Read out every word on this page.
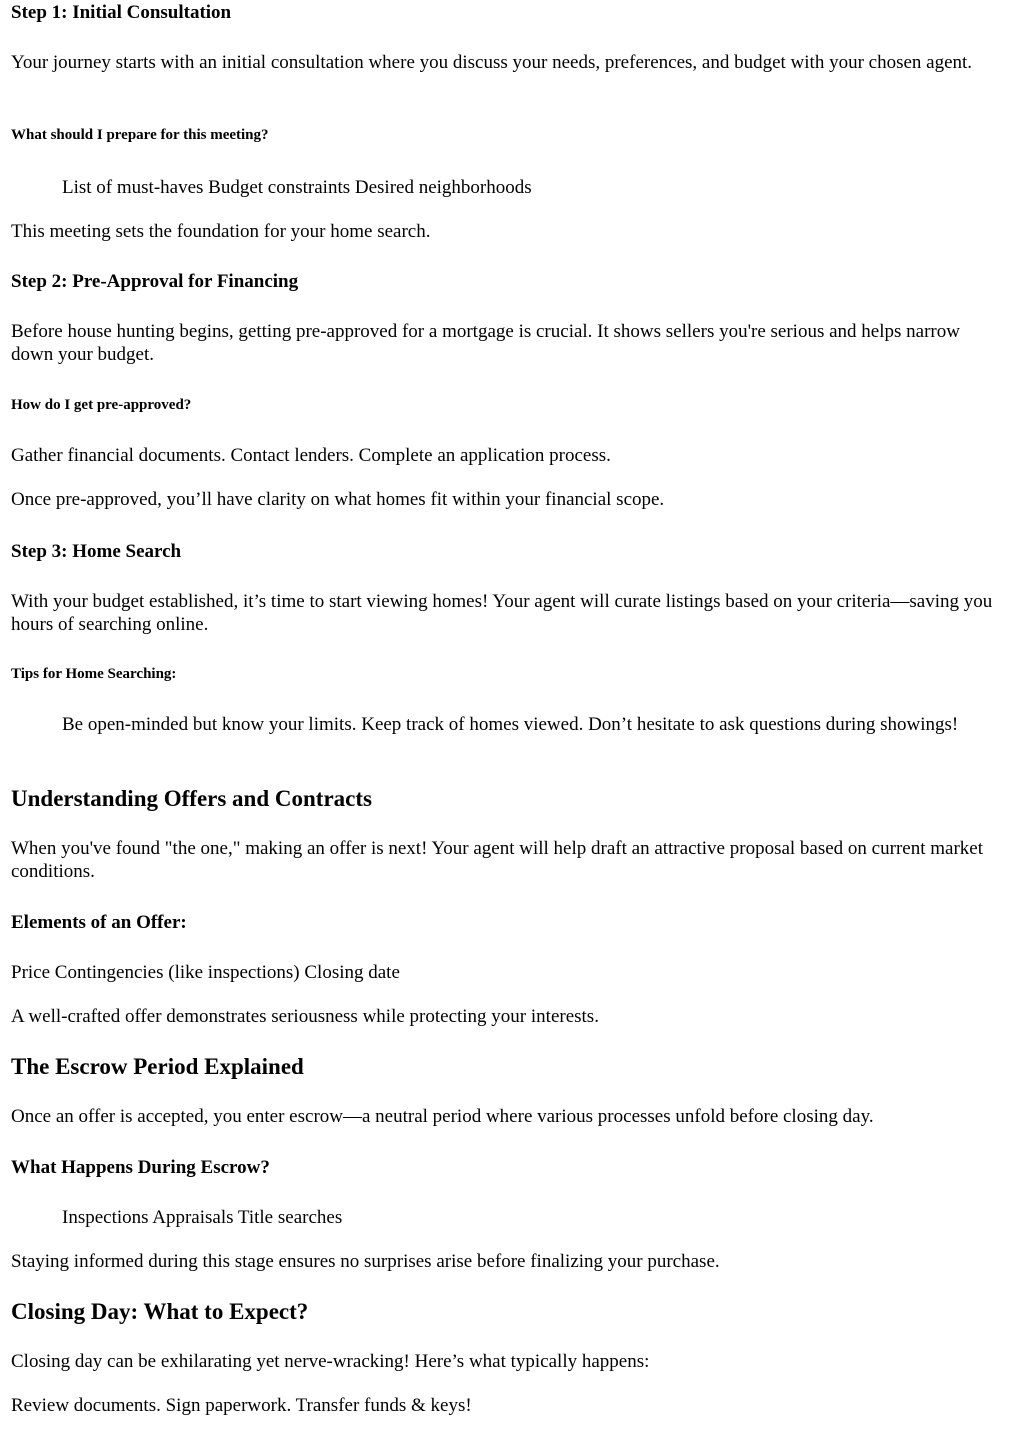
Step 1: Initial Consultation

Your journey starts with an initial consultation where you discuss your needs, preferences, and budget with your chosen agent.

What should I prepare for this meeting?

List of must-haves Budget constraints Desired neighborhoods

This meeting sets the foundation for your home search.

Step 2: Pre-Approval for Financing

Before house hunting begins, getting pre-approved for a mortgage is crucial. It shows sellers you're serious and helps narrow down your budget.

How do I get pre-approved?

Gather financial documents. Contact lenders. Complete an application process.

Once pre-approved, you’ll have clarity on what homes fit within your financial scope.

Step 3: Home Search

With your budget established, it’s time to start viewing homes! Your agent will curate listings based on your criteria—saving you hours of searching online.

Tips for Home Searching:

Be open-minded but know your limits. Keep track of homes viewed. Don’t hesitate to ask questions during showings!

Understanding Offers and Contracts

When you've found "the one," making an offer is next! Your agent will help draft an attractive proposal based on current market conditions.

Elements of an Offer:

Price Contingencies (like inspections) Closing date

A well-crafted offer demonstrates seriousness while protecting your interests.

The Escrow Period Explained

Once an offer is accepted, you enter escrow—a neutral period where various processes unfold before closing day.

What Happens During Escrow?

Inspections Appraisals Title searches

Staying informed during this stage ensures no surprises arise before finalizing your purchase.

Closing Day: What to Expect?

Closing day can be exhilarating yet nerve-wracking! Here’s what typically happens:

Review documents. Sign paperwork. Transfer funds & keys!
